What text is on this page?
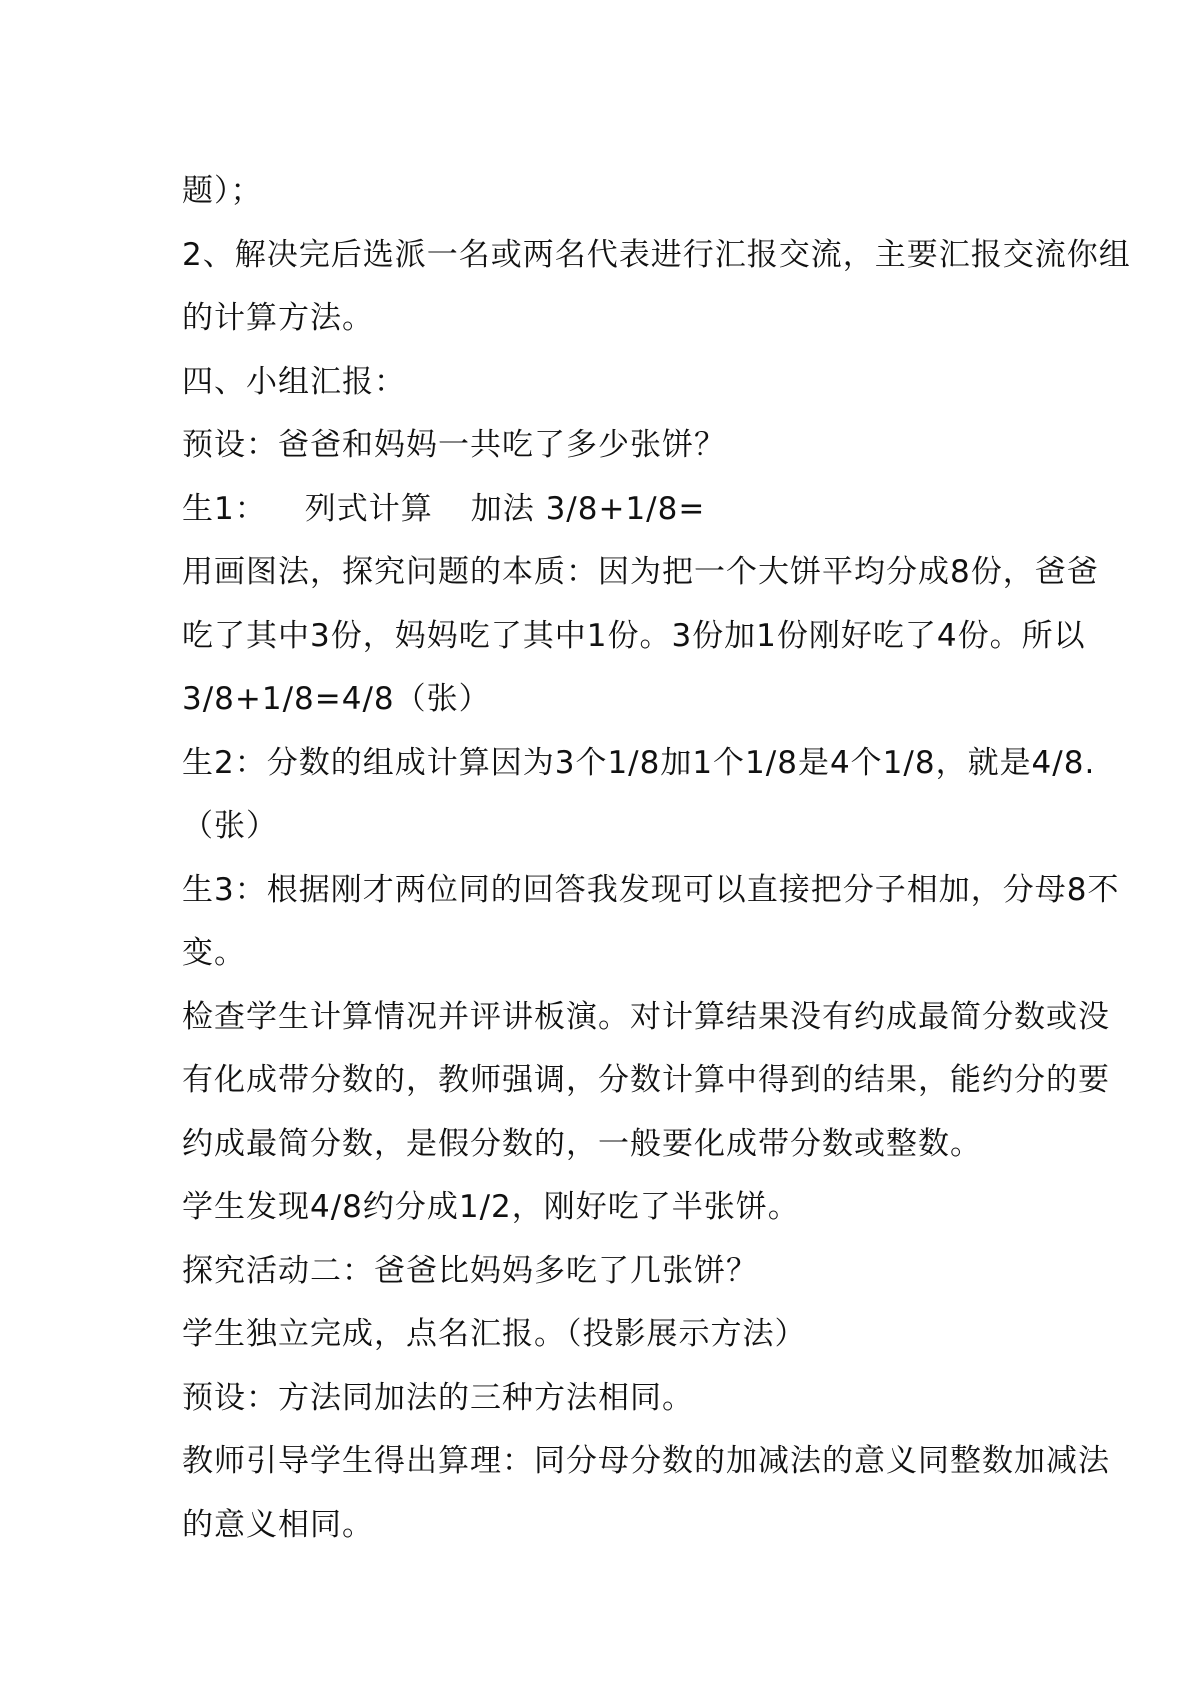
题）；
2、解决完后选派一名或两名代表进行汇报交流，主要汇报交流你组
的计算方法。
四、小组汇报：
预设：爸爸和妈妈一共吃了多少张饼？
生1： 列式计算 加法 3/8+1/8=
用画图法，探究问题的本质：因为把一个大饼平均分成8份，爸爸
吃了其中3份，妈妈吃了其中1份。3份加1份刚好吃了4份。所以
3/8+1/8=4/8（张）
生2：分数的组成计算因为3个1/8加1个1/8是4个1/8，就是4/8.
（张）
生3：根据刚才两位同的回答我发现可以直接把分子相加，分母8不
变。
检查学生计算情况并评讲板演。对计算结果没有约成最简分数或没
有化成带分数的，教师强调，分数计算中得到的结果，能约分的要
约成最简分数，是假分数的，一般要化成带分数或整数。
学生发现4/8约分成1/2，刚好吃了半张饼。
探究活动二：爸爸比妈妈多吃了几张饼？
学生独立完成，点名汇报。（投影展示方法）
预设：方法同加法的三种方法相同。
教师引导学生得出算理：同分母分数的加减法的意义同整数加减法
的意义相同。
